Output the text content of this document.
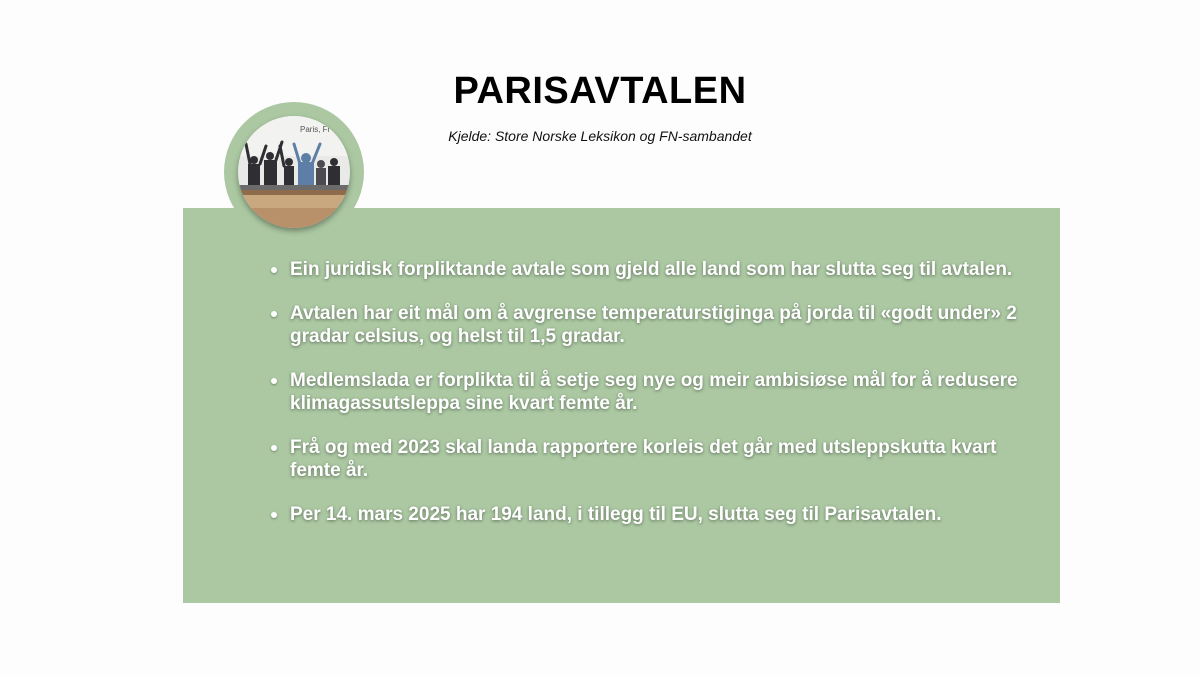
PARISAVTALEN
Kjelde: Store Norske Leksikon og FN-sambandet
Paris, Fr
Ein juridisk forpliktande avtale som gjeld alle land som har slutta seg til avtalen.
Avtalen har eit mål om å avgrense temperaturstiginga på jorda til «godt under» 2 gradar celsius, og helst til 1,5 gradar.
Medlemslada er forplikta til å setje seg nye og meir ambisiøse mål for å redusere klimagassutsleppa sine kvart femte år.
Frå og med 2023 skal landa rapportere korleis det går med utsleppskutta kvart femte år.
Per 14. mars 2025 har 194 land, i tillegg til EU, slutta seg til Parisavtalen.
